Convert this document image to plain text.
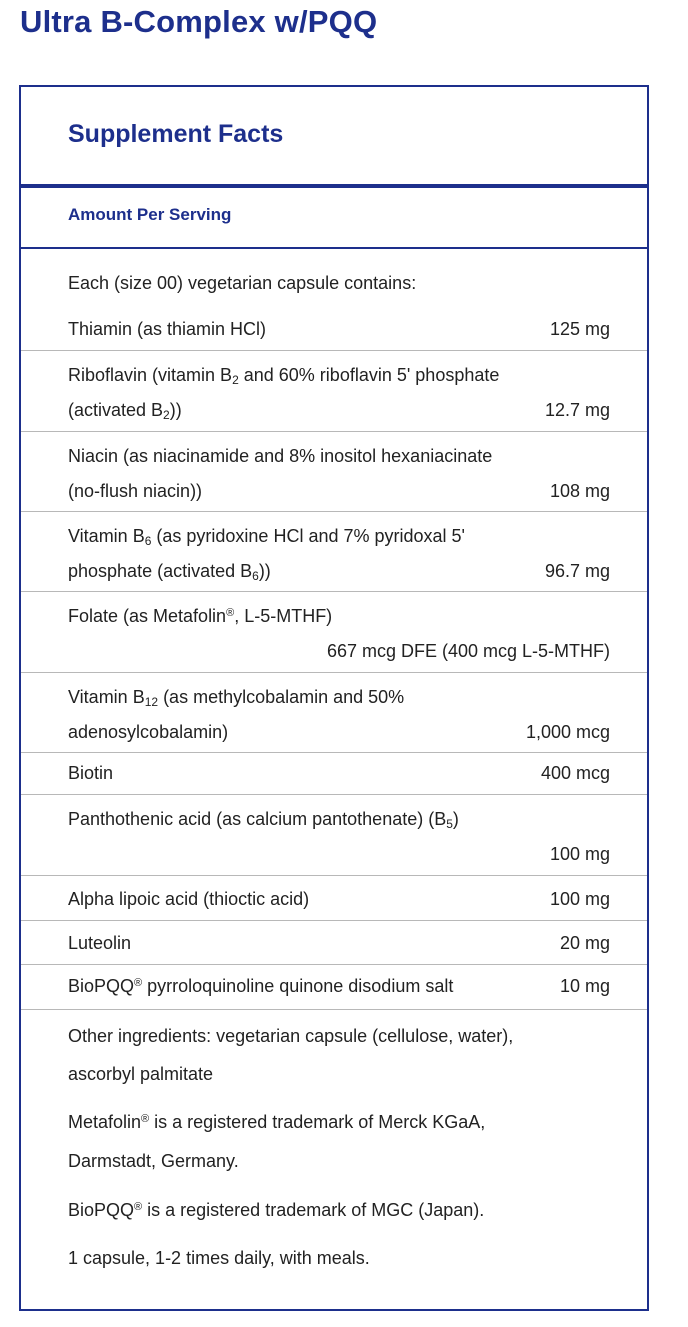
Ultra B-Complex w/PQQ
Supplement Facts
Amount Per Serving
Each (size 00) vegetarian capsule contains:
Thiamin (as thiamin HCl)	125 mg
Riboflavin (vitamin $B_2$ and 60% riboflavin 5' phosphate
(activated $B_2$))	12.7 mg
Niacin (as niacinamide and 8% inositol hexaniacinate
(no-flush niacin))	108 mg
Vitamin $B_6$ (as pyridoxine HCl and 7% pyridoxal 5'
phosphate (activated $B_6$))	96.7 mg
Folate (as Metafolin®, L-5-MTHF)
667 mcg DFE (400 mcg L-5-MTHF)
Vitamin $B_{12}$ (as methylcobalamin and 50%
adenosylcobalamin)	1,000 mcg
Biotin	400 mcg
Panthothenic acid (as calcium pantothenate) $(B_5)$
100 mg
Alpha lipoic acid (thioctic acid)	100 mg
Luteolin	20 mg
BioPQQ® pyrroloquinoline quinone disodium salt	10 mg
Other ingredients: vegetarian capsule (cellulose, water),
ascorbyl palmitate
Metafolin® is a registered trademark of Merck KGaA,
Darmstadt, Germany.
BioPQQ® is a registered trademark of MGC (Japan).
1 capsule, 1-2 times daily, with meals.
